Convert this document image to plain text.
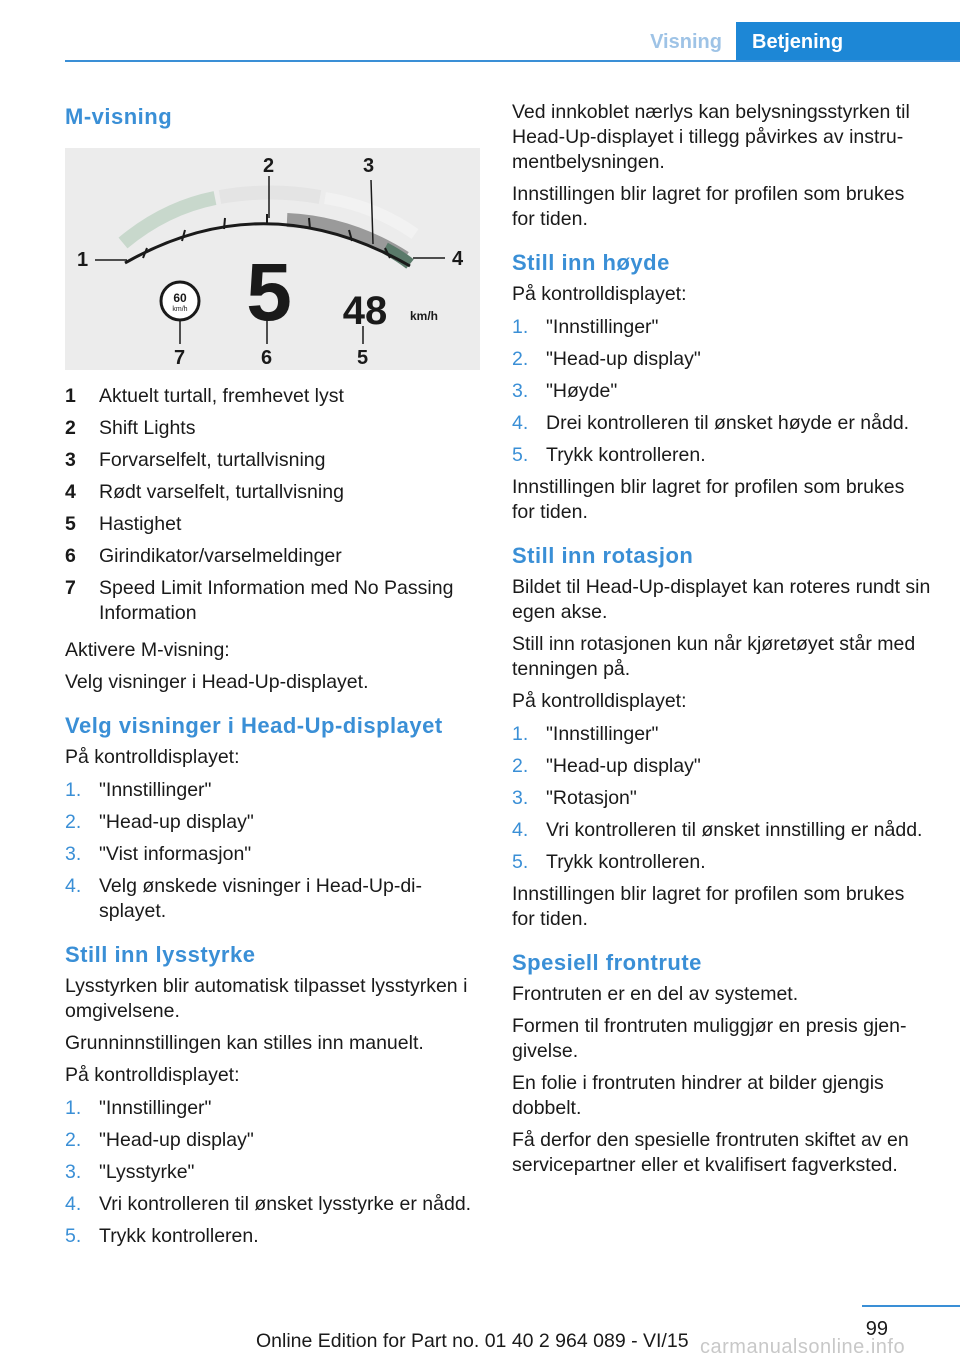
Visning	Betjening
M-visning
1
2	3
4
5
6
7
60
km/h 5 48 km/h
1	Aktuelt turtall, fremhevet lyst
2	Shift Lights
3	Forvarselfelt, turtallvisning
4	Rødt varselfelt, turtallvisning
5	Hastighet
6	Girindikator/varselmeldinger
7	Speed Limit Information med No Passing Information

Aktivere M-visning:

Velg visninger i Head-Up-displayet.

Velg visninger i Head-Up-displayet

På kontrolldisplayet:

1. "Innstillinger"
2. "Head-up display"
3. "Vist informasjon"
4. Velg ønskede visninger i Head-Up-di-splayet.
Still inn lysstyrke

Lysstyrken blir automatisk tilpasset lysstyrken i omgivelsene.

Grunninnstillingen kan stilles inn manuelt.

På kontrolldisplayet:

1. "Innstillinger"
2. "Head-up display"
3. "Lysstyrke"
4. Vri kontrolleren til ønsket lysstyrke er nådd.
5. Trykk kontrolleren.

Ved innkoblet nærlys kan belysningsstyrken til Head-Up-displayet i tillegg påvirkes av instru-mentbelysningen.

Innstillingen blir lagret for profilen som brukes for tiden.

Still inn høyde

På kontrolldisplayet:

1. "Innstillinger"
2. "Head-up display"
3. "Høyde"
4. Drei kontrolleren til ønsket høyde er nådd.
5. Trykk kontrolleren.

Innstillingen blir lagret for profilen som brukes for tiden.

Still inn rotasjon

Bildet til Head-Up-displayet kan roteres rundt sin egen akse.

Still inn rotasjonen kun når kjøretøyet står med tenningen på.

På kontrolldisplayet:

1. "Innstillinger"
2. "Head-up display"
3. "Rotasjon"
4. Vri kontrolleren til ønsket innstilling er nådd.
5. Trykk kontrolleren.

Innstillingen blir lagret for profilen som brukes for tiden.

Spesiell frontrute

Frontruten er en del av systemet.

Formen til frontruten muliggjør en presis gjen-givelse.

En folie i frontruten hindrer at bilder gjengis dobbelt.

Få derfor den spesielle frontruten skiftet av en servicepartner eller et kvalifisert fagverksted.

99
Online Edition for Part no. 01 40 2 964 089 - VI/15 carmanualsonline.info
